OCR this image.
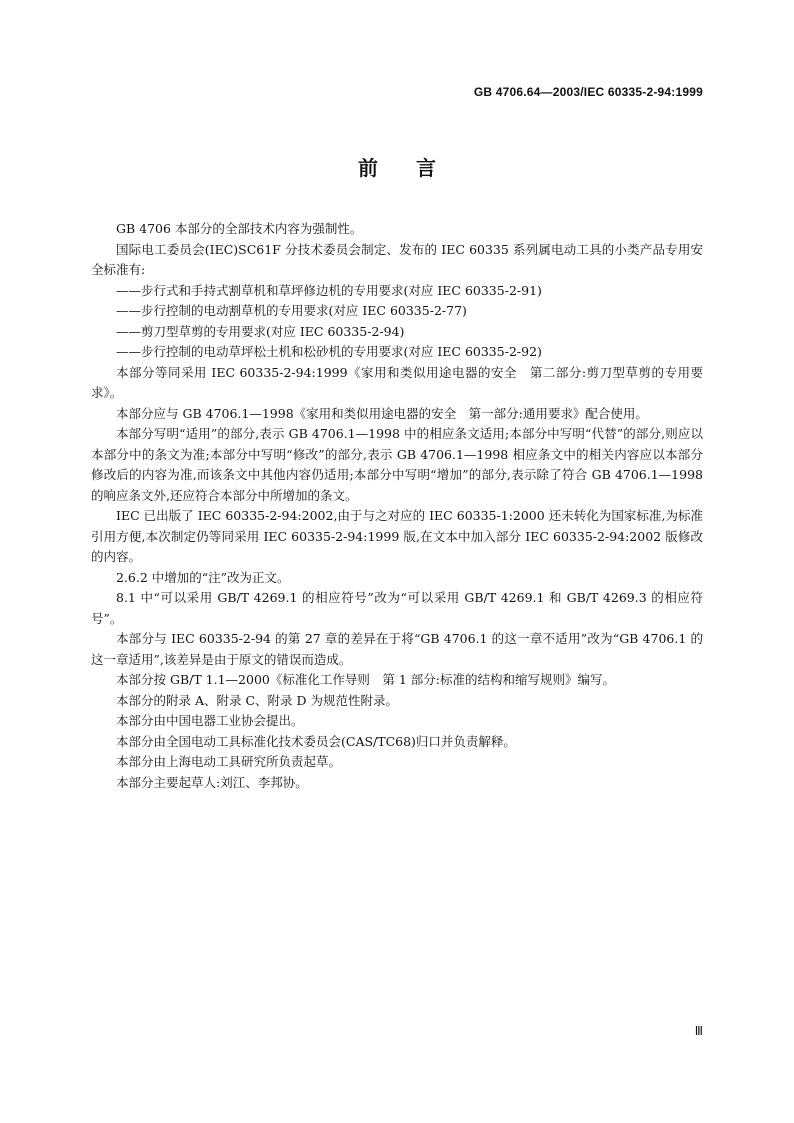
GB 4706.64—2003/IEC 60335-2-94:1999
前 言

GB 4706 本部分的全部技术内容为强制性。

国际电工委员会(IEC)SC61F 分技术委员会制定、发布的 IEC 60335 系列属电动工具的小类产品专用安全标准有:

——步行式和手持式割草机和草坪修边机的专用要求(对应 IEC 60335-2-91)

——步行控制的电动割草机的专用要求(对应 IEC 60335-2-77)

——剪刀型草剪的专用要求(对应 IEC 60335-2-94)

——步行控制的电动草坪松土机和松砂机的专用要求(对应 IEC 60335-2-92)

本部分等同采用 IEC 60335-2-94:1999《家用和类似用途电器的安全　第二部分:剪刀型草剪的专用要求》。

本部分应与 GB 4706.1—1998《家用和类似用途电器的安全　第一部分:通用要求》配合使用。

本部分写明“适用”的部分,表示 GB 4706.1—1998 中的相应条文适用;本部分中写明“代替”的部分,则应以本部分中的条文为准;本部分中写明“修改”的部分,表示 GB 4706.1—1998 相应条文中的相关内容应以本部分修改后的内容为准,而该条文中其他内容仍适用;本部分中写明“增加”的部分,表示除了符合 GB 4706.1—1998 的响应条文外,还应符合本部分中所增加的条文。

IEC 已出版了 IEC 60335-2-94:2002,由于与之对应的 IEC 60335-1:2000 还未转化为国家标准,为标准引用方便,本次制定仍等同采用 IEC 60335-2-94:1999 版,在文本中加入部分 IEC 60335-2-94:2002 版修改的内容。

2.6.2 中增加的“注”改为正文。

8.1 中“可以采用 GB/T 4269.1 的相应符号”改为“可以采用 GB/T 4269.1 和 GB/T 4269.3 的相应符号”。

本部分与 IEC 60335-2-94 的第 27 章的差异在于将“GB 4706.1 的这一章不适用”改为“GB 4706.1 的这一章适用”,该差异是由于原文的错误而造成。

本部分按 GB/T 1.1—2000《标准化工作导则　第 1 部分:标准的结构和缩写规则》编写。

本部分的附录 A、附录 C、附录 D 为规范性附录。

本部分由中国电器工业协会提出。

本部分由全国电动工具标准化技术委员会(CAS/TC68)归口并负责解释。

本部分由上海电动工具研究所负责起草。

本部分主要起草人:刘江、李邦协。

Ⅲ
